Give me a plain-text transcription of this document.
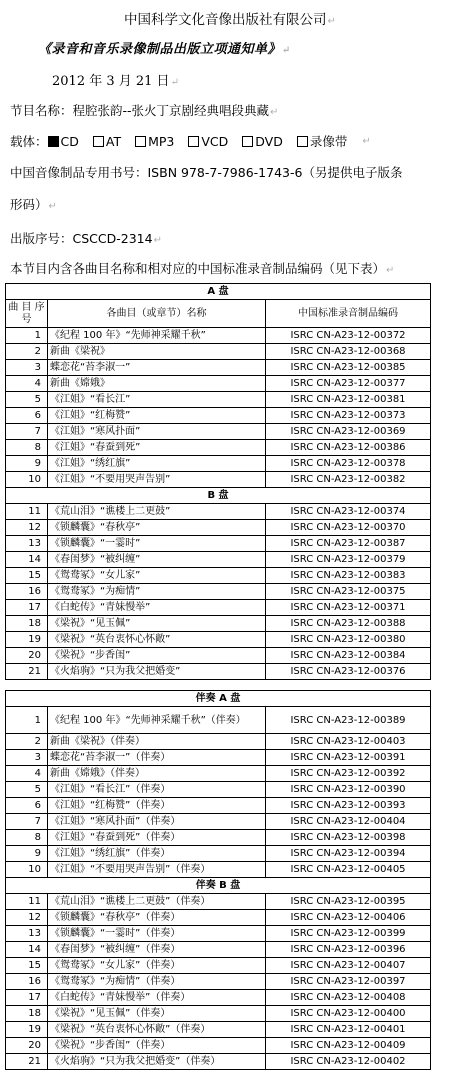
中国科学文化音像出版社有限公司↵
《录音和音乐录像制品出版立项通知单》↵
2012 年 3 月 21 日↵
节目名称：程腔张韵--张火丁京剧经典唱段典藏↵
载体： CD AT MP3 VCD DVD 录像带 ↵
中国音像制品专用书号：ISBN 978-7-7986-1743-6（另提供电子版条
形码）↵
出版序号：CSCCD-2314↵
本节目内含各曲目名称和相对应的中国标准录音制品编码（见下表）↵
A 盘		
曲 目 序号	各曲目（或章节）名称	中国标准录音制品编码
1	《纪程 100 年》“先师神采耀千秋”	ISRC CN-A23-12-00372
2	新曲《梁祝》	ISRC CN-A23-12-00368
3	蝶恋花“苔李淑一”	ISRC CN-A23-12-00385
4	新曲《嫦娥》	ISRC CN-A23-12-00377
5	《江姐》“看长江”	ISRC CN-A23-12-00381
6	《江姐》“红梅赞”	ISRC CN-A23-12-00373
7	《江姐》“寒风扑面”	ISRC CN-A23-12-00369
8	《江姐》“春蚕到死”	ISRC CN-A23-12-00386
9	《江姐》“绣红旗”	ISRC CN-A23-12-00378
10	《江姐》“不要用哭声告别”	ISRC CN-A23-12-00382
B 盘		
11	《荒山泪》“谯楼上二更鼓”	ISRC CN-A23-12-00374
12	《锁麟囊》“春秋亭”	ISRC CN-A23-12-00370
13	《锁麟囊》“一霎时”	ISRC CN-A23-12-00387
14	《春闺梦》“被纠缠”	ISRC CN-A23-12-00379
15	《鸳鸯冢》“女儿家”	ISRC CN-A23-12-00383
16	《鸳鸯冢》“为痴情”	ISRC CN-A23-12-00375
17	《白蛇传》“青妹慢举”	ISRC CN-A23-12-00371
18	《梁祝》“见玉佩”	ISRC CN-A23-12-00388
19	《梁祝》“英台衷怀心怀敞”	ISRC CN-A23-12-00380
20	《梁祝》“步香闺”	ISRC CN-A23-12-00384
21	《火焰驹》“只为我父把婚变”	ISRC CN-A23-12-00376
伴奏 A 盘		
1	《纪程 100 年》“先师神采耀千秋”（伴奏）	ISRC CN-A23-12-00389
2	新曲《梁祝》（伴奏）	ISRC CN-A23-12-00403
3	蝶恋花“苔李淑一”（伴奏）	ISRC CN-A23-12-00391
4	新曲《嫦娥》（伴奏）	ISRC CN-A23-12-00392
5	《江姐》“看长江”（伴奏）	ISRC CN-A23-12-00390
6	《江姐》“红梅赞”（伴奏）	ISRC CN-A23-12-00393
7	《江姐》“寒风扑面”（伴奏）	ISRC CN-A23-12-00404
8	《江姐》“春蚕到死”（伴奏）	ISRC CN-A23-12-00398
9	《江姐》“绣红旗”（伴奏）	ISRC CN-A23-12-00394
10	《江姐》“不要用哭声告别”（伴奏）	ISRC CN-A23-12-00405
伴奏 B 盘		
11	《荒山泪》“谯楼上二更鼓”（伴奏）	ISRC CN-A23-12-00395
12	《锁麟囊》“春秋亭”（伴奏）	ISRC CN-A23-12-00406
13	《锁麟囊》“一霎时”（伴奏）	ISRC CN-A23-12-00399
14	《春闺梦》“被纠缠”（伴奏）	ISRC CN-A23-12-00396
15	《鸳鸯冢》“女儿家”（伴奏）	ISRC CN-A23-12-00407
16	《鸳鸯冢》“为痴情”（伴奏）	ISRC CN-A23-12-00397
17	《白蛇传》“青妹慢举”（伴奏）	ISRC CN-A23-12-00408
18	《梁祝》“见玉佩”（伴奏）	ISRC CN-A23-12-00400
19	《梁祝》“英台衷怀心怀敞”（伴奏）	ISRC CN-A23-12-00401
20	《梁祝》“步香闺”（伴奏）	ISRC CN-A23-12-00409
21	《火焰驹》“只为我父把婚变”（伴奏）	ISRC CN-A23-12-00402
